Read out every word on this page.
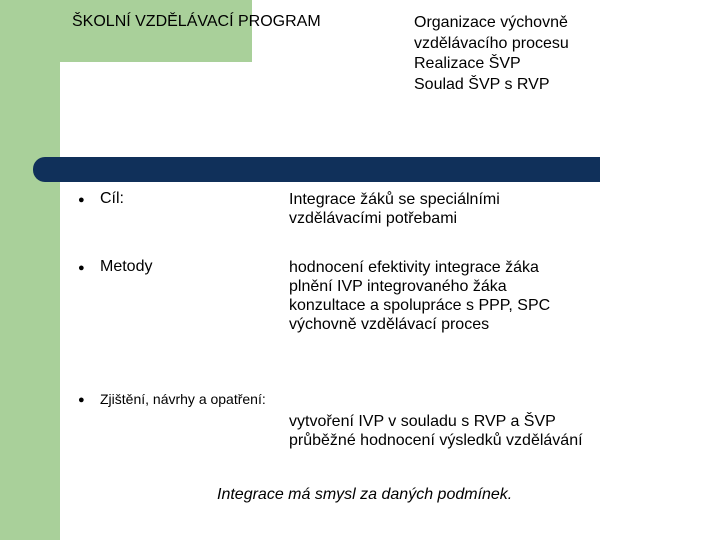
ŠKOLNÍ VZDĚLÁVACÍ PROGRAM	Organizace výchovně
vzdělávacího procesu
Realizace ŠVP
Soulad ŠVP s RVP
● Cíl:	Integrace žáků se speciálními
vzdělávacími potřebami
● Metody	hodnocení efektivity integrace žáka
plnění IVP integrovaného žáka
konzultace a spolupráce s PPP, SPC
výchovně vzdělávací proces
● Zjištění, návrhy a opatření:
vytvoření IVP v souladu s RVP a ŠVP
průběžné hodnocení výsledků vzdělávání
Integrace má smysl za daných podmínek.
